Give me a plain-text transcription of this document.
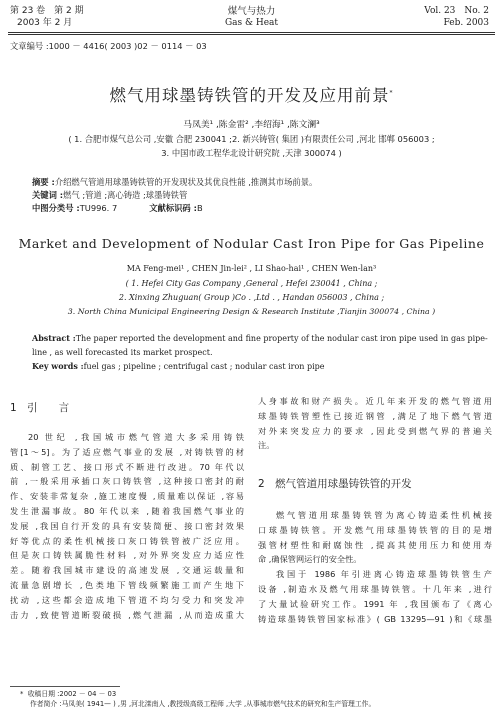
第 23 卷　第 2 期
2003 年 2 月
煤气与热力
Gas & Heat
Vol. 23　No. 2
Feb. 2003
文章编号 :1000 － 4416( 2003 )02 － 0114 － 03
燃气用球墨铸铁管的开发及应用前景*
马凤美¹ ,陈金雷² ,李绍海¹ ,陈文澜³
( 1. 合肥市煤气总公司 ,安徽 合肥 230041 ;2. 新兴铸管( 集团 )有限责任公司 ,河北 邯郸 056003 ;
3. 中国市政工程华北设计研究院 ,天津 300074 )
摘要 :介绍燃气管道用球墨铸铁管的开发现状及其优良性能 ,推测其市场前景。
关键词 :燃气 ;管道 ;离心铸造 ;球墨铸铁管
中图分类号 :TU996. 7	文献标识码 :B
Market and Development of Nodular Cast Iron Pipe for Gas Pipeline
MA Feng-mei¹ , CHEN Jin-lei² , LI Shao-hai¹ , CHEN Wen-lan³
( 1. Hefei City Gas Company ,General , Hefei 230041 , China ;
2. Xinxing Zhuguan( Group )Co . ,Ltd . , Handan 056003 , China ;
3. North China Municipal Engineering Design & Research Institute ,Tianjin 300074 , China )
Abstract :The paper reported the development and fine property of the nodular cast iron pipe used in gas pipe-
line , as well forecasted its market prospect.
Key words :fuel gas ; pipeline ; centrifugal cast ; nodular cast iron pipe
1　引　　言
20 世纪 ,我国城市燃气管道大多采用铸铁
管[1～5]。为了适应燃气事业的发展 ,对铸铁管的材
质、制管工艺、接口形式不断进行改进。70 年代以
前 ,一般采用承插口灰口铸铁管 ,这种接口密封的耐
作、安装非常复杂 ,施工速度慢 ,质量难以保证 ,容易
发生泄漏事故。80 年代以来 ,随着我国燃气事业的
发展 ,我国自行开发的具有安装简便、接口密封效果
好等优点的柔性机械接口灰口铸铁管被广泛应用。
但是灰口铸铁属脆性材料 ,对外界突发应力适应性
差。随着我国城市建设的高速发展 ,交通运载量和
流量急剧增长 ,色类地下管线频繁施工而产生地下
扰动 ,这些都会造成地下管道不均匀受力和突发冲
击力 ,致使管道断裂破损 ,燃气泄漏 ,从而造成重大
人身事故和财产损失。近几年来开发的燃气管道用
球墨铸铁管塑性已接近钢管 ,满足了地下燃气管道
对外来突发应力的要求 ,因此受到燃气界的普遍关
注。
2　燃气管道用球墨铸铁管的开发
燃气管道用球墨铸铁管为离心铸造柔性机械接
口球墨铸铁管。开发燃气用球墨铸铁管的目的是增
强管材塑性和耐腐蚀性 ,提高其使用压力和使用寿
命 ,确保管网运行的安全性。
我国于 1986 年引进离心铸造球墨铸铁管生产
设备 ,制造水及燃气用球墨铸铁管。十几年来 ,进行
了大量试验研究工作。1991 年 ,我国颁布了《离心
铸造球墨铸铁管国家标准》( GB 13295—91 )和《球墨
* 收稿日期 :2002 － 04 － 03
作者简介 :马凤美( 1941— ) ,男 ,河北滦南人 ,教授级高级工程师 ,大学 ,从事城市燃气技术的研究和生产管理工作。
